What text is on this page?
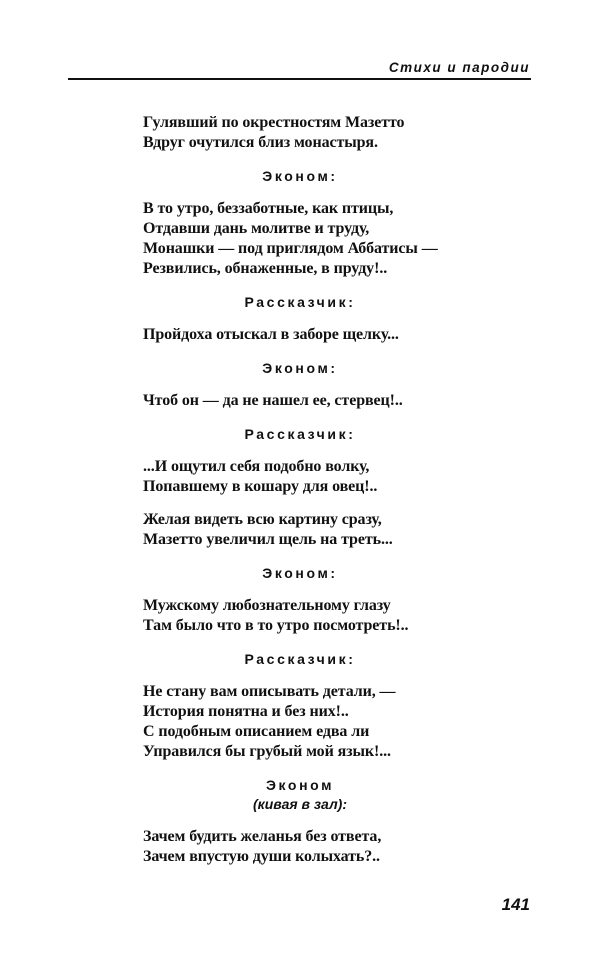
Стихи и пародии
Гулявший по окрестностям Мазетто
Вдруг очутился близ монастыря.
Эконом:
В то утро, беззаботные, как птицы,
Отдавши дань молитве и труду,
Монашки — под приглядом Аббатисы —
Резвились, обнаженные, в пруду!..
Рассказчик:
Пройдоха отыскал в заборе щелку...
Эконом:
Чтоб он — да не нашел ее, стервец!..
Рассказчик:
...И ощутил себя подобно волку,
Попавшему в кошару для овец!..
Желая видеть всю картину сразу,
Мазетто увеличил щель на треть...
Эконом:
Мужскому любознательному глазу
Там было что в то утро посмотреть!..
Рассказчик:
Не стану вам описывать детали, —
История понятна и без них!..
С подобным описанием едва ли
Управился бы грубый мой язык!...
Эконом
(кивая в зал):
Зачем будить желанья без ответа,
Зачем впустую души колыхать?..
141
